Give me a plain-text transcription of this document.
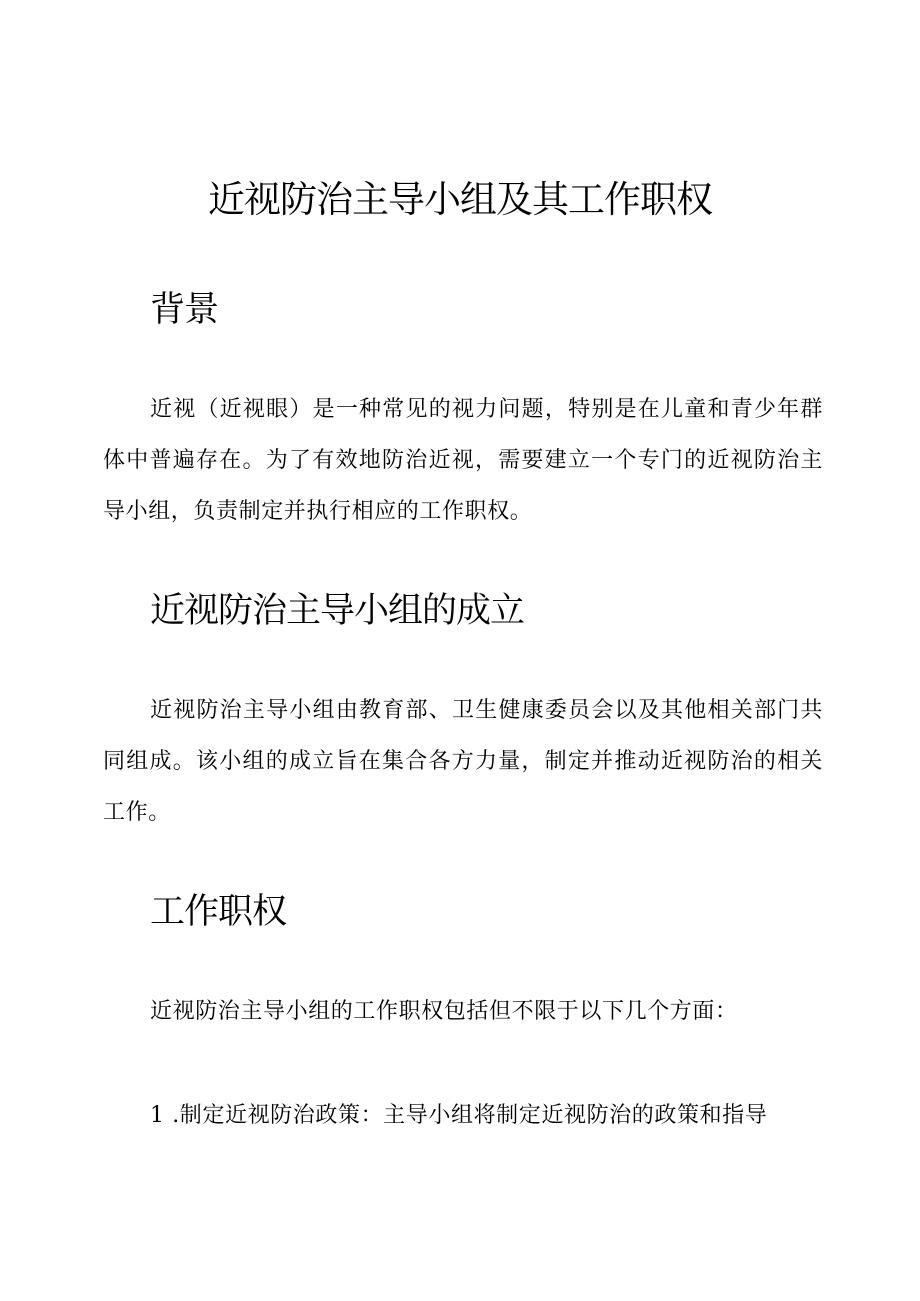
近视防治主导小组及其工作职权
背景

近视（近视眼）是一种常见的视力问题，特别是在儿童和青少年群体中普遍存在。为了有效地防治近视，需要建立一个专门的近视防治主导小组，负责制定并执行相应的工作职权。

近视防治主导小组的成立

近视防治主导小组由教育部、卫生健康委员会以及其他相关部门共同组成。该小组的成立旨在集合各方力量，制定并推动近视防治的相关工作。

工作职权

近视防治主导小组的工作职权包括但不限于以下几个方面：

1 .制定近视防治政策：主导小组将制定近视防治的政策和指导
